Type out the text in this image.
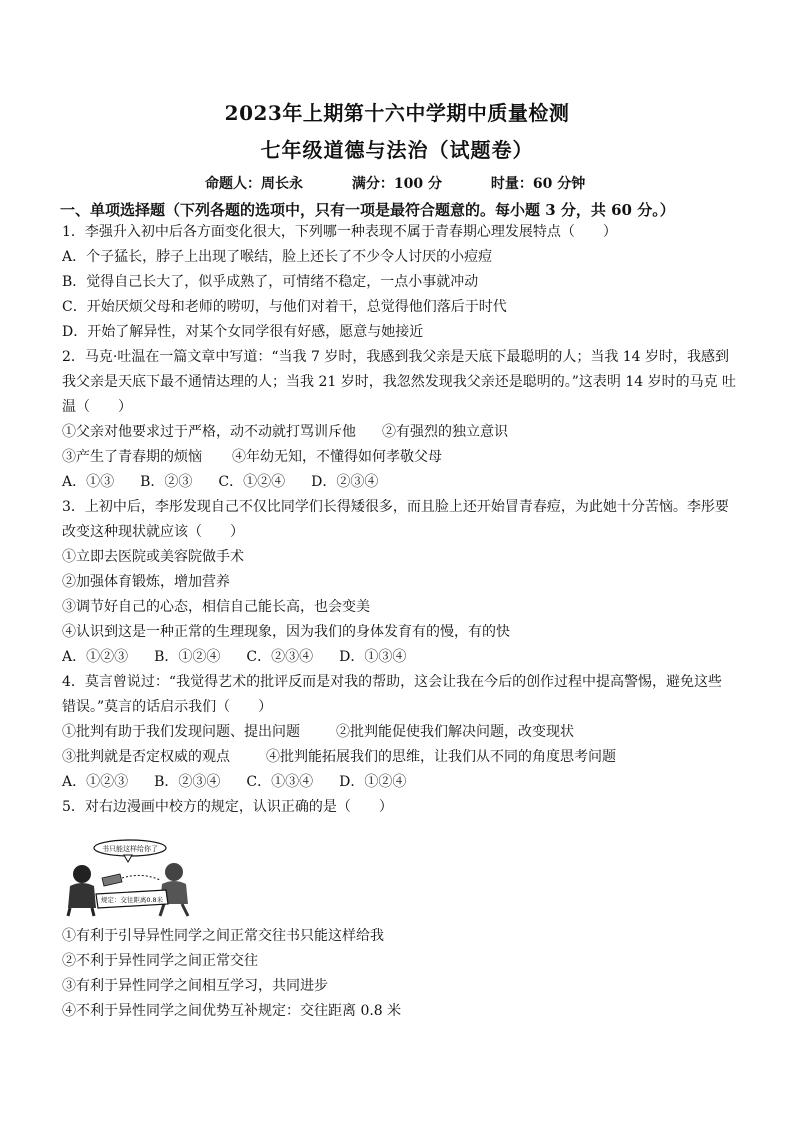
2023年上期第十六中学期中质量检测
七年级道德与法治（试题卷）
命题人：周长永	满分：100 分	时量：60 分钟
一、单项选择题（下列各题的选项中，只有一项是最符合题意的。每小题 3 分，共 60 分。）
1．李强升入初中后各方面变化很大，下列哪一种表现不属于青春期心理发展特点（　　）
A．个子猛长，脖子上出现了喉结，脸上还长了不少令人讨厌的小痘痘
B．觉得自己长大了，似乎成熟了，可情绪不稳定，一点小事就冲动
C．开始厌烦父母和老师的唠叨，与他们对着干，总觉得他们落后于时代
D．开始了解异性，对某个女同学很有好感，愿意与她接近
2．马克·吐温在一篇文章中写道：“当我 7 岁时，我感到我父亲是天底下最聪明的人；当我 14 岁时，我感到
我父亲是天底下最不通情达理的人；当我 21 岁时，我忽然发现我父亲还是聪明的。”这表明 14 岁时的马克 吐
温（　　）
①父亲对他要求过于严格，动不动就打骂训斥他 ②有强烈的独立意识
③产生了青春期的烦恼 ④年幼无知，不懂得如何孝敬父母
A．①③ B．②③ C．①②④ D．②③④
3．上初中后，李彤发现自己不仅比同学们长得矮很多，而且脸上还开始冒青春痘，为此她十分苦恼。李彤要
改变这种现状就应该（　　）
①立即去医院或美容院做手术
②加强体育锻炼，增加营养
③调节好自己的心态，相信自己能长高，也会变美
④认识到这是一种正常的生理现象，因为我们的身体发育有的慢，有的快
A．①②③ B．①②④ C．②③④ D．①③④
4．莫言曾说过：“我觉得艺术的批评反而是对我的帮助，这会让我在今后的创作过程中提高警惕，避免这些
错误。”莫言的话启示我们（　　）
①批判有助于我们发现问题、提出问题	②批判能促使我们解决问题，改变现状
③批判就是否定权威的观点	④批判能拓展我们的思维，让我们从不同的角度思考问题
A．①②③ B．②③④ C．①③④ D．①②④
5．对右边漫画中校方的规定，认识正确的是（　　）
书只能这样给你了
规定：交往距离0.8米
①有利于引导异性同学之间正常交往书只能这样给我
②不利于异性同学之间正常交往
③有利于异性同学之间相互学习，共同进步
④不利于异性同学之间优势互补规定：交往距离 0.8 米
